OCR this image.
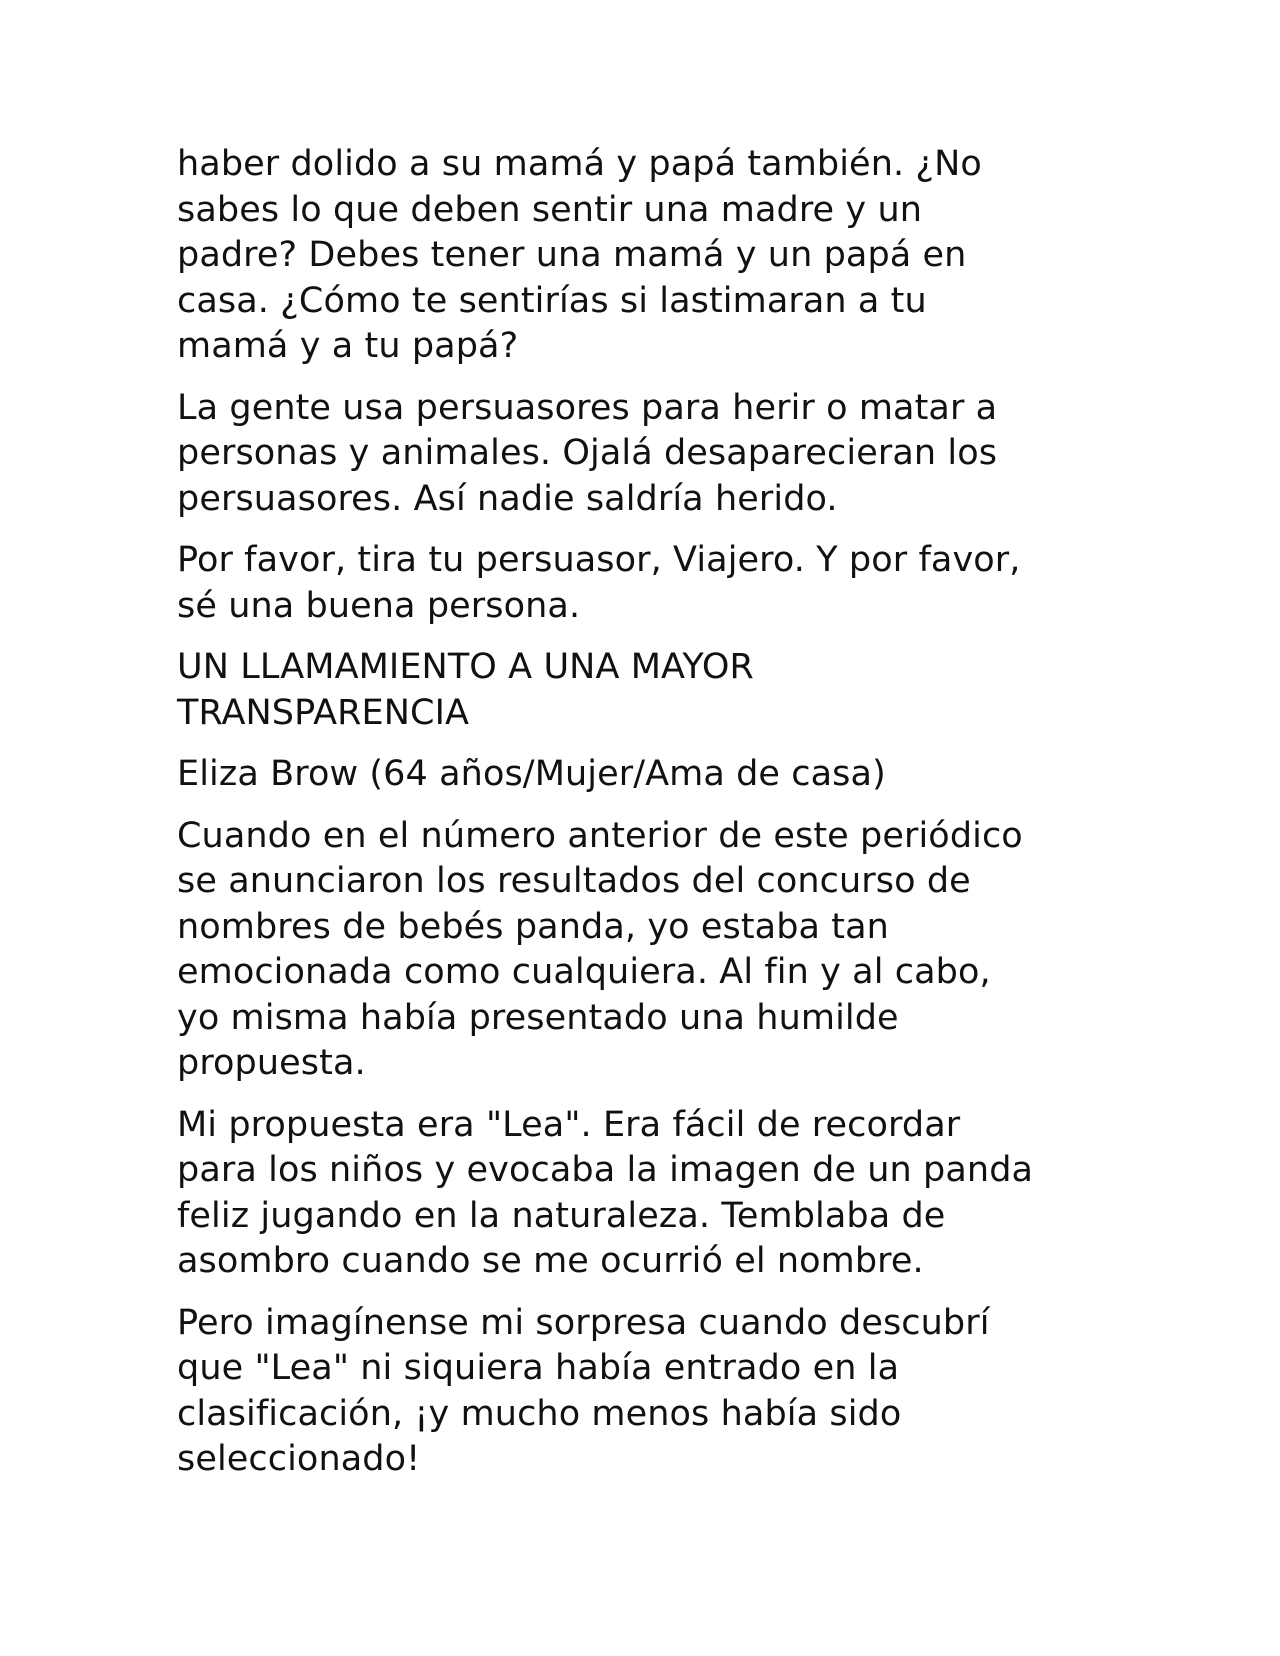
haber dolido a su mamá y papá también. ¿No
sabes lo que deben sentir una madre y un
padre? Debes tener una mamá y un papá en
casa. ¿Cómo te sentirías si lastimaran a tu
mamá y a tu papá?

La gente usa persuasores para herir o matar a
personas y animales. Ojalá desaparecieran los
persuasores. Así nadie saldría herido.

Por favor, tira tu persuasor, Viajero. Y por favor,
sé una buena persona.

UN LLAMAMIENTO A UNA MAYOR
TRANSPARENCIA

Eliza Brow (64 años/Mujer/Ama de casa)

Cuando en el número anterior de este periódico
se anunciaron los resultados del concurso de
nombres de bebés panda, yo estaba tan
emocionada como cualquiera. Al fin y al cabo,
yo misma había presentado una humilde
propuesta.

Mi propuesta era "Lea". Era fácil de recordar
para los niños y evocaba la imagen de un panda
feliz jugando en la naturaleza. Temblaba de
asombro cuando se me ocurrió el nombre.

Pero imagínense mi sorpresa cuando descubrí
que "Lea" ni siquiera había entrado en la
clasificación, ¡y mucho menos había sido
seleccionado!
